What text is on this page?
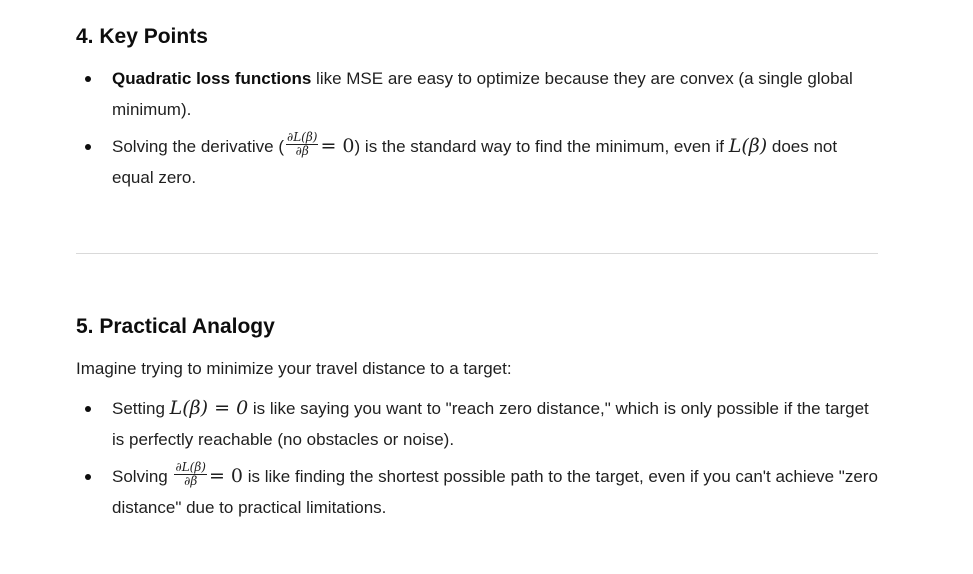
4. Key Points
Quadratic loss functions like MSE are easy to optimize because they are convex (a single global minimum).
Solving the derivative ( $\frac{\partial L(\beta)}{\partial\beta} = 0$) is the standard way to find the minimum, even if L(β) does not equal zero.
5. Practical Analogy

Imagine trying to minimize your travel distance to a target:

Setting L(β) = 0 is like saying you want to "reach zero distance," which is only possible if the target is perfectly reachable (no obstacles or noise).
Solving $\frac{\partial L(\beta)}{\partial\beta} = 0$ is like finding the shortest possible path to the target, even if you can't achieve "zero distance" due to practical limitations.
